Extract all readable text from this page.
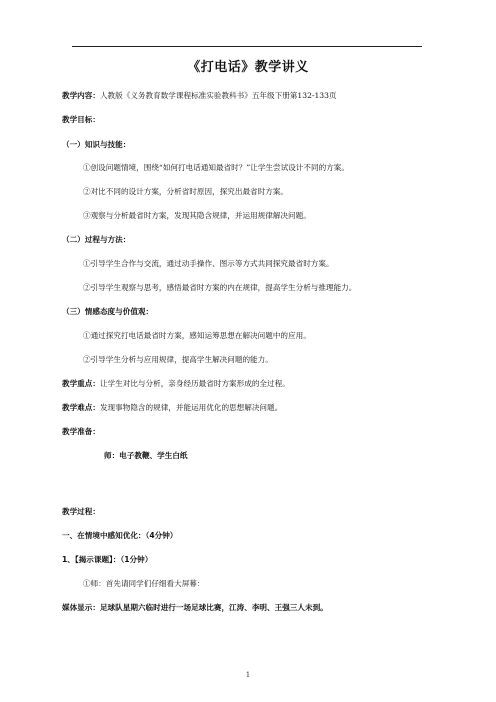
《打电话》教学讲义
教学内容：人教版《义务教育数学课程标准实验教科书》五年级下册第132-133页
教学目标：
（一）知识与技能：
①创设问题情境，围绕“如何打电话通知最省时？”让学生尝试设计不同的方案。
②对比不同的设计方案，分析省时原因，探究出最省时方案。
③观察与分析最省时方案，发现其隐含规律，并运用规律解决问题。
（二）过程与方法：
①引导学生合作与交流，通过动手操作、图示等方式共同探究最省时方案。
②引导学生观察与思考，感悟最省时方案的内在规律，提高学生分析与推理能力。
（三）情感态度与价值观：
①通过探究打电话最省时方案，感知运筹思想在解决问题中的应用。
②引导学生分析与应用规律，提高学生解决问题的能力。
教学重点：让学生对比与分析，亲身经历最省时方案形成的全过程。
教学难点：发现事物隐含的规律，并能运用优化的思想解决问题。
教学准备：
师：电子教鞭、学生白纸
教学过程：
一、在情境中感知优化：（4分钟）
1、【揭示课题】：（1分钟）
①师：首先请同学们仔细看大屏幕：
媒体显示：足球队星期六临时进行一场足球比赛，江涛、李明、王强三人未到。
1
